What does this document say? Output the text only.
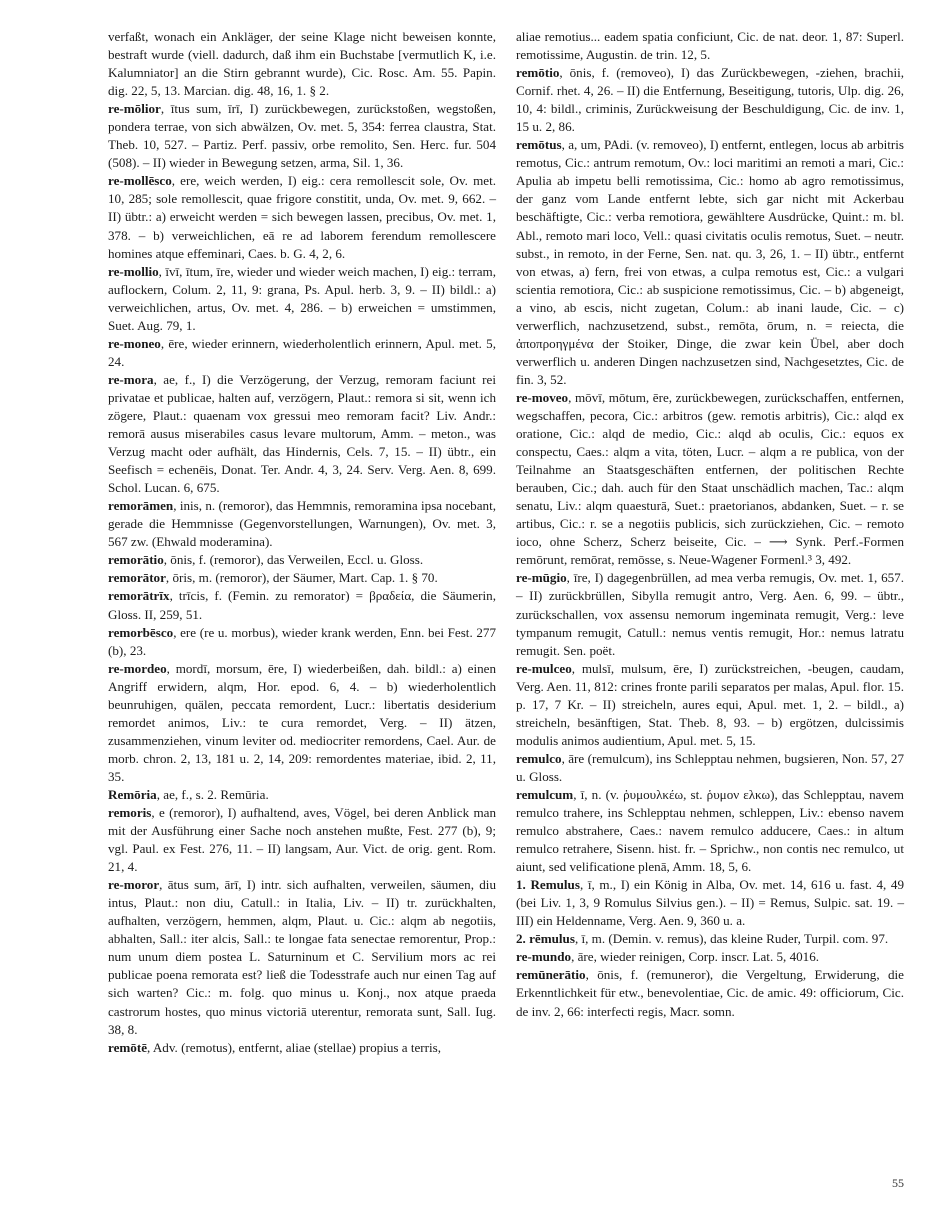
verfaßt, wonach ein Ankläger, der seine Klage nicht beweisen konnte, bestraft wurde (viell. dadurch, daß ihm ein Buchstabe [vermutlich K, i.e. Kalumniator] an die Stirn gebrannt wurde), Cic. Rosc. Am. 55. Papin. dig. 22, 5, 13. Marcian. dig. 48, 16, 1. § 2.

re-mōlior, ītus sum, īrī, I) zurückbewegen, zurückstoßen, wegstoßen, pondera terrae, von sich abwälzen, Ov. met. 5, 354: ferrea claustra, Stat. Theb. 10, 527. – Partiz. Perf. passiv, orbe remolito, Sen. Herc. fur. 504 (508). – II) wieder in Bewegung setzen, arma, Sil. 1, 36.

re-mollēsco, ere, weich werden, I) eig.: cera remollescit sole, Ov. met. 10, 285; sole remollescit, quae frigore constitit, unda, Ov. met. 9, 662. – II) übtr.: a) erweicht werden = sich bewegen lassen, precibus, Ov. met. 1, 378. – b) verweichlichen, eā re ad laborem ferendum remollescere homines atque effeminari, Caes. b. G. 4, 2, 6.

re-mollio, īvī, ītum, īre, wieder und wieder weich machen, I) eig.: terram, auflockern, Colum. 2, 11, 9: grana, Ps. Apul. herb. 3, 9. – II) bildl.: a) verweichlichen, artus, Ov. met. 4, 286. – b) erweichen = umstimmen, Suet. Aug. 79, 1.

re-moneo, ēre, wieder erinnern, wiederholentlich erinnern, Apul. met. 5, 24.

re-mora, ae, f., I) die Verzögerung, der Verzug, remoram faciunt rei privatae et publicae, halten auf, verzögern, Plaut.: remora si sit, wenn ich zögere, Plaut.: quaenam vox gressui meo remoram facit? Liv. Andr.: remorā ausus miserabiles casus levare multorum, Amm. – meton., was Verzug macht oder aufhält, das Hindernis, Cels. 7, 15. – II) übtr., ein Seefisch = echenēis, Donat. Ter. Andr. 4, 3, 24. Serv. Verg. Aen. 8, 699. Schol. Lucan. 6, 675.

remorāmen, inis, n. (remoror), das Hemmnis, remoramina ipsa nocebant, gerade die Hemmnisse (Gegenvorstellungen, Warnungen), Ov. met. 3, 567 zw. (Ehwald moderamina).

remorātio, ōnis, f. (remoror), das Verweilen, Eccl. u. Gloss.

remorātor, ōris, m. (remoror), der Säumer, Mart. Cap. 1. § 70.

remorātrīx, trīcis, f. (Femin. zu remorator) = βραδεία, die Säumerin, Gloss. II, 259, 51.

remorbēsco, ere (re u. morbus), wieder krank werden, Enn. bei Fest. 277 (b), 23.

re-mordeo, mordī, morsum, ēre, I) wiederbeißen, dah. bildl.: a) einen Angriff erwidern, alqm, Hor. epod. 6, 4. – b) wiederholentlich beunruhigen, quälen, peccata remordent, Lucr.: libertatis desiderium remordet animos, Liv.: te cura remordet, Verg. – II) ätzen, zusammenziehen, vinum leviter od. mediocriter remordens, Cael. Aur. de morb. chron. 2, 13, 181 u. 2, 14, 209: remordentes materiae, ibid. 2, 11, 35.

Remōria, ae, f., s. 2. Remūria.

remoris, e (remoror), I) aufhaltend, aves, Vögel, bei deren Anblick man mit der Ausführung einer Sache noch anstehen mußte, Fest. 277 (b), 9; vgl. Paul. ex Fest. 276, 11. – II) langsam, Aur. Vict. de orig. gent. Rom. 21, 4.

re-moror, ātus sum, ārī, I) intr. sich aufhalten, verweilen, säumen, diu intus, Plaut.: non diu, Catull.: in Italia, Liv. – II) tr. zurückhalten, aufhalten, verzögern, hemmen, alqm, Plaut. u. Cic.: alqm ab negotiis, abhalten, Sall.: iter alcis, Sall.: te longae fata senectae remorentur, Prop.: num unum diem postea L. Saturninum et C. Servilium mors ac rei publicae poena remorata est? ließ die Todesstrafe auch nur einen Tag auf sich warten? Cic.: m. folg. quo minus u. Konj., nox atque praeda castrorum hostes, quo minus victoriā uterentur, remorata sunt, Sall. Iug. 38, 8.

remōtē, Adv. (remotus), entfernt, aliae (stellae) propius a terris,

aliae remotius... eadem spatia conficiunt, Cic. de nat. deor. 1, 87: Superl. remotissime, Augustin. de trin. 12, 5.

remōtio, ōnis, f. (removeo), I) das Zurückbewegen, -ziehen, brachii, Cornif. rhet. 4, 26. – II) die Entfernung, Beseitigung, tutoris, Ulp. dig. 26, 10, 4: bildl., criminis, Zurückweisung der Beschuldigung, Cic. de inv. 1, 15 u. 2, 86.

remōtus, a, um, PAdi. (v. removeo), I) entfernt, entlegen, locus ab arbitris remotus, Cic.: antrum remotum, Ov.: loci maritimi an remoti a mari, Cic.: Apulia ab impetu belli remotissima, Cic.: homo ab agro remotissimus, der ganz vom Lande entfernt lebte, sich gar nicht mit Ackerbau beschäftigte, Cic.: verba remotiora, gewähltere Ausdrücke, Quint.: m. bl. Abl., remoto mari loco, Vell.: quasi civitatis oculis remotus, Suet. – neutr. subst., in remoto, in der Ferne, Sen. nat. qu. 3, 26, 1. – II) übtr., entfernt von etwas, a) fern, frei von etwas, a culpa remotus est, Cic.: a vulgari scientia remotiora, Cic.: ab suspicione remotissimus, Cic. – b) abgeneigt, a vino, ab escis, nicht zugetan, Colum.: ab inani laude, Cic. – c) verwerflich, nachzusetzend, subst., remōta, ōrum, n. = reiecta, die ἀποπροηγμένα der Stoiker, Dinge, die zwar kein Übel, aber doch verwerflich u. anderen Dingen nachzusetzen sind, Nachgesetztes, Cic. de fin. 3, 52.

re-moveo, mōvī, mōtum, ēre, zurückbewegen, zurückschaffen, entfernen, wegschaffen, pecora, Cic.: arbitros (gew. remotis arbitris), Cic.: alqd ex oratione, Cic.: alqd de medio, Cic.: alqd ab oculis, Cic.: equos ex conspectu, Caes.: alqm a vita, töten, Lucr. – alqm a re publica, von der Teilnahme an Staatsgeschäften entfernen, der politischen Rechte berauben, Cic.; dah. auch für den Staat unschädlich machen, Tac.: alqm senatu, Liv.: alqm quaesturā, Suet.: praetorianos, abdanken, Suet. – r. se artibus, Cic.: r. se a negotiis publicis, sich zurückziehen, Cic. – remoto ioco, ohne Scherz, Scherz beiseite, Cic. – ⟶ Synk. Perf.-Formen remōrunt, remōrat, remōsse, s. Neue-Wagener Formenl.³ 3, 492.

re-mūgio, īre, I) dagegenbrüllen, ad mea verba remugis, Ov. met. 1, 657. – II) zurückbrüllen, Sibylla remugit antro, Verg. Aen. 6, 99. – übtr., zurückschallen, vox assensu nemorum ingeminata remugit, Verg.: leve tympanum remugit, Catull.: nemus ventis remugit, Hor.: nemus latratu remugit. Sen. poët.

re-mulceo, mulsī, mulsum, ēre, I) zurückstreichen, -beugen, caudam, Verg. Aen. 11, 812: crines fronte parili separatos per malas, Apul. flor. 15. p. 17, 7 Kr. – II) streicheln, aures equi, Apul. met. 1, 2. – bildl., a) streicheln, besänftigen, Stat. Theb. 8, 93. – b) ergötzen, dulcissimis modulis animos audientium, Apul. met. 5, 15.

remulco, āre (remulcum), ins Schlepptau nehmen, bugsieren, Non. 57, 27 u. Gloss.

remulcum, ī, n. (v. ῥυμουλκέω, st. ῥυμον ελκω), das Schlepptau, navem remulco trahere, ins Schlepptau nehmen, schleppen, Liv.: ebenso navem remulco abstrahere, Caes.: navem remulco adducere, Caes.: in altum remulco retrahere, Sisenn. hist. fr. – Sprichw., non contis nec remulco, ut aiunt, sed velificatione plenā, Amm. 18, 5, 6.

1. Remulus, ī, m., I) ein König in Alba, Ov. met. 14, 616 u. fast. 4, 49 (bei Liv. 1, 3, 9 Romulus Silvius gen.). – II) = Remus, Sulpic. sat. 19. – III) ein Heldenname, Verg. Aen. 9, 360 u. a.

2. rēmulus, ī, m. (Demin. v. remus), das kleine Ruder, Turpil. com. 97.

re-mundo, āre, wieder reinigen, Corp. inscr. Lat. 5, 4016.

remūnerātio, ōnis, f. (remuneror), die Vergeltung, Erwiderung, die Erkenntlichkeit für etw., benevolentiae, Cic. de amic. 49: officiorum, Cic. de inv. 2, 66: interfecti regis, Macr. somn.

55
